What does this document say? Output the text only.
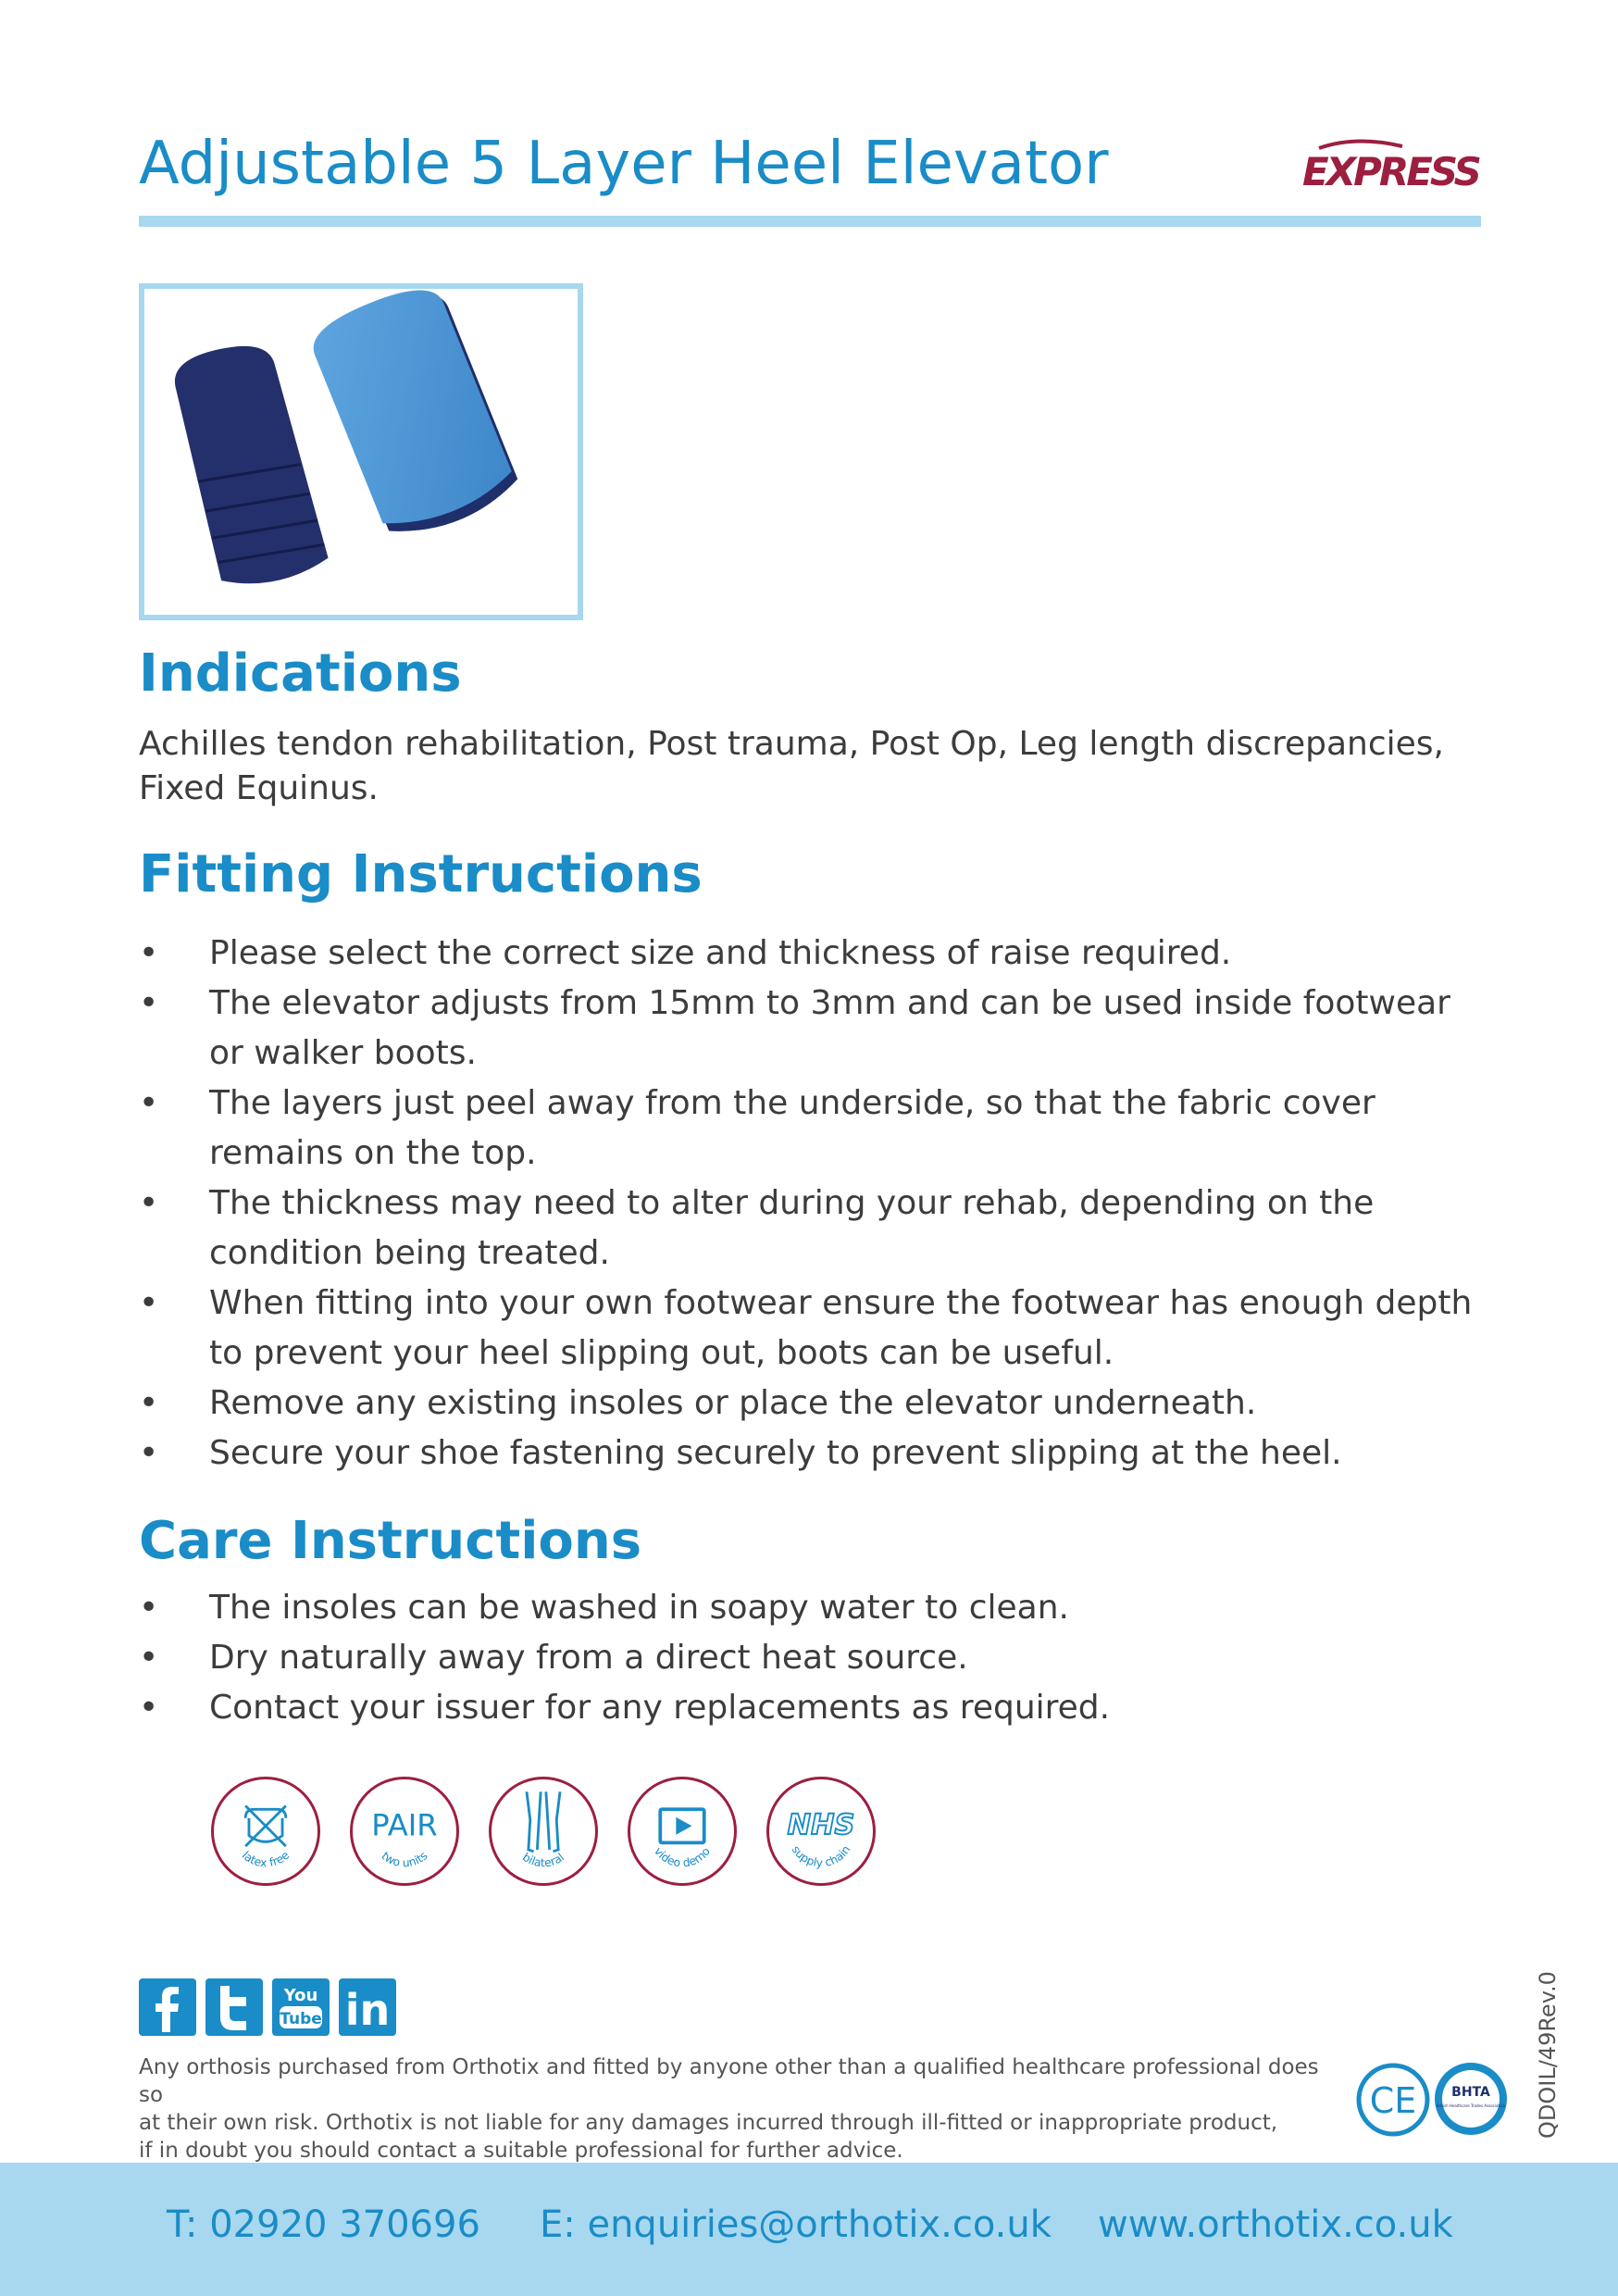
Adjustable 5 Layer Heel Elevator	EXPRESS
Indications
Achilles tendon rehabilitation, Post trauma, Post Op, Leg length discrepancies, Fixed Equinus.
Fitting Instructions
• Please select the correct size and thickness of raise required.
• The elevator adjusts from 15mm to 3mm and can be used inside footwear or walker boots.
• The layers just peel away from the underside, so that the fabric cover remains on the top.
• The thickness may need to alter during your rehab, depending on the condition being treated.
• When fitting into your own footwear ensure the footwear has enough depth to prevent your heel slipping out, boots can be useful.
• Remove any existing insoles or place the elevator underneath.
• Secure your shoe fastening securely to prevent slipping at the heel.
Care Instructions
• The insoles can be washed in soapy water to clean.
• Dry naturally away from a direct heat source.
• Contact your issuer for any replacements as required.
latex free
PAIR
two units	bilateral	video demo
NHS
supply chain
You
Tube in
Any orthosis purchased from Orthotix and fitted by anyone other than a qualified healthcare professional does so
at their own risk. Orthotix is not liable for any damages incurred through ill-fitted or inappropriate product,
if in doubt you should contact a suitable professional for further advice.
CE	BHTA
British Healthcare Trades Association QDOIL/49Rev.0
T: 02920 370696 E: enquiries@orthotix.co.uk www.orthotix.co.uk
